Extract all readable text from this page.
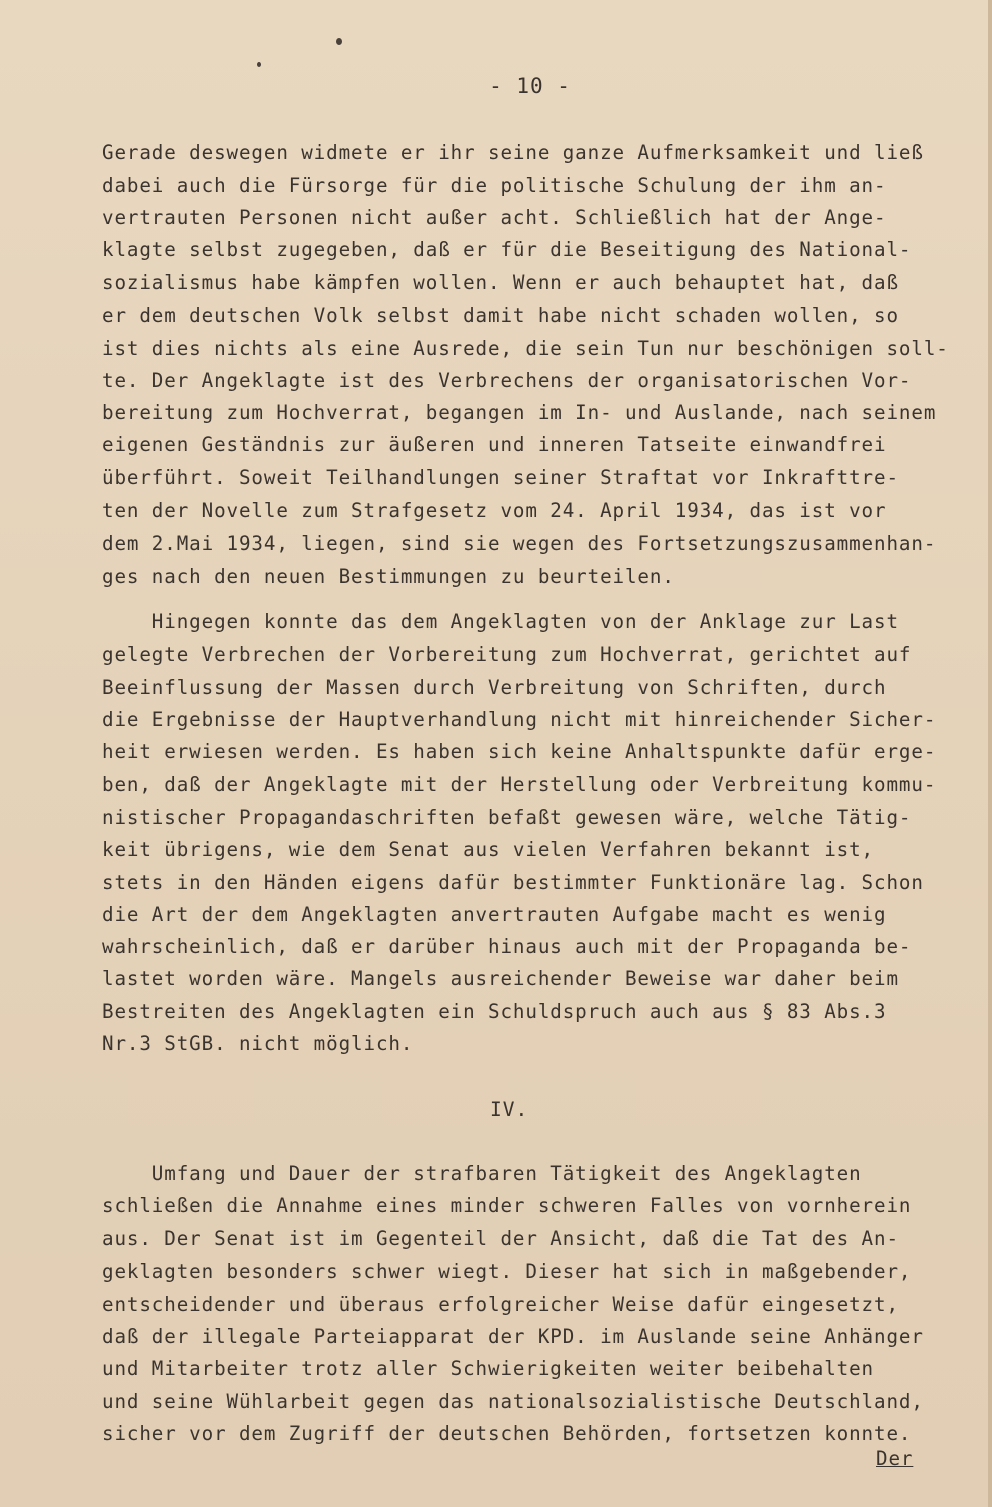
- 10 -
Gerade deswegen widmete er ihr seine ganze Aufmerksamkeit und ließ
dabei auch die Fürsorge für die politische Schulung der ihm an-
vertrauten Personen nicht außer acht. Schließlich hat der Ange-
klagte selbst zugegeben, daß er für die Beseitigung des National-
sozialismus habe kämpfen wollen. Wenn er auch behauptet hat, daß
er dem deutschen Volk selbst damit habe nicht schaden wollen, so
ist dies nichts als eine Ausrede, die sein Tun nur beschönigen soll-
te. Der Angeklagte ist des Verbrechens der organisatorischen Vor-
bereitung zum Hochverrat, begangen im In- und Auslande, nach seinem
eigenen Geständnis zur äußeren und inneren Tatseite einwandfrei
überführt. Soweit Teilhandlungen seiner Straftat vor Inkrafttre-
ten der Novelle zum Strafgesetz vom 24. April 1934, das ist vor
dem 2.Mai 1934, liegen, sind sie wegen des Fortsetzungszusammenhan-
ges nach den neuen Bestimmungen zu beurteilen.
Hingegen konnte das dem Angeklagten von der Anklage zur Last
gelegte Verbrechen der Vorbereitung zum Hochverrat, gerichtet auf
Beeinflussung der Massen durch Verbreitung von Schriften, durch
die Ergebnisse der Hauptverhandlung nicht mit hinreichender Sicher-
heit erwiesen werden. Es haben sich keine Anhaltspunkte dafür erge-
ben, daß der Angeklagte mit der Herstellung oder Verbreitung kommu-
nistischer Propagandaschriften befaßt gewesen wäre, welche Tätig-
keit übrigens, wie dem Senat aus vielen Verfahren bekannt ist,
stets in den Händen eigens dafür bestimmter Funktionäre lag. Schon
die Art der dem Angeklagten anvertrauten Aufgabe macht es wenig
wahrscheinlich, daß er darüber hinaus auch mit der Propaganda be-
lastet worden wäre. Mangels ausreichender Beweise war daher beim
Bestreiten des Angeklagten ein Schuldspruch auch aus § 83 Abs.3
Nr.3 StGB. nicht möglich.
IV.
Umfang und Dauer der strafbaren Tätigkeit des Angeklagten
schließen die Annahme eines minder schweren Falles von vornherein
aus. Der Senat ist im Gegenteil der Ansicht, daß die Tat des An-
geklagten besonders schwer wiegt. Dieser hat sich in maßgebender,
entscheidender und überaus erfolgreicher Weise dafür eingesetzt,
daß der illegale Parteiapparat der KPD. im Auslande seine Anhänger
und Mitarbeiter trotz aller Schwierigkeiten weiter beibehalten
und seine Wühlarbeit gegen das nationalsozialistische Deutschland,
sicher vor dem Zugriff der deutschen Behörden, fortsetzen konnte.
Der
